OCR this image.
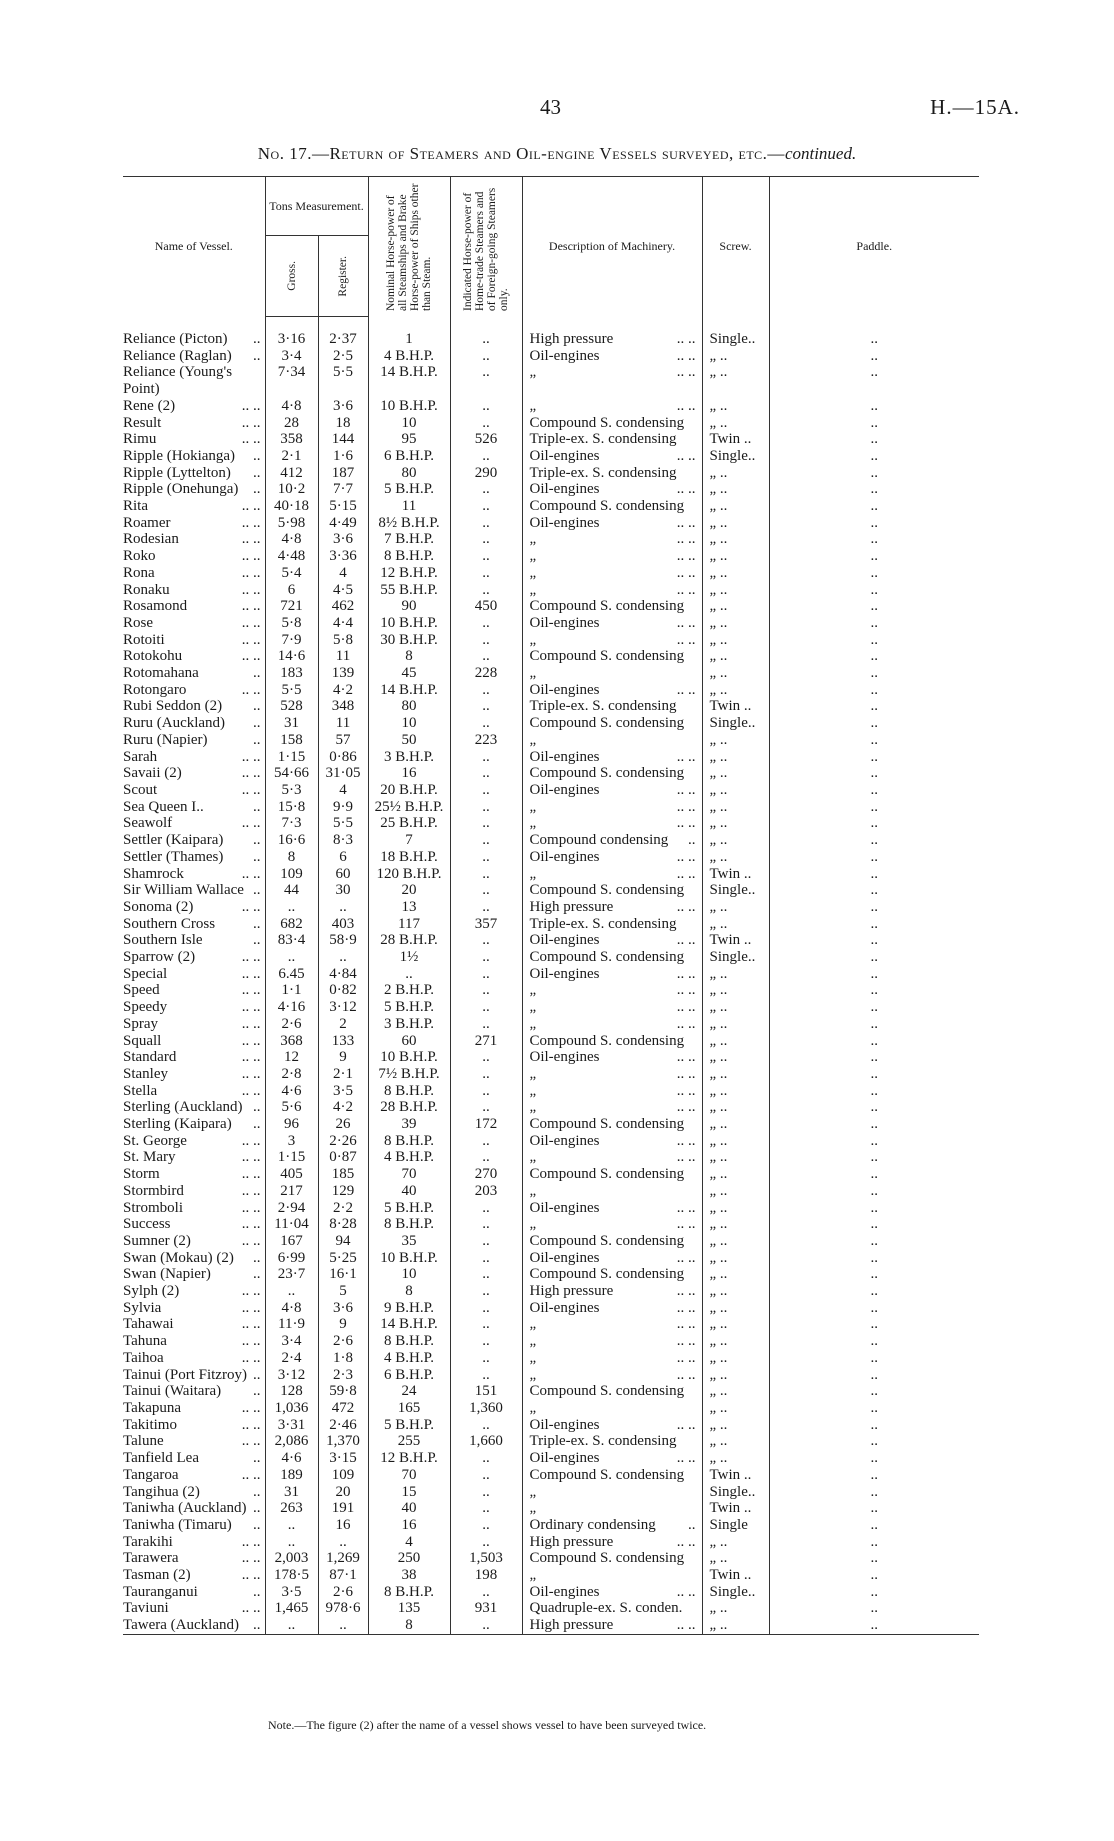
43	H.—15A.
No. 17.—Return of Steamers and Oil-engine Vessels surveyed, etc.—continued.
Name of Vessel.	Tons Measurement.		Nominal Horse-power of all Steamships and Brake Horse-power of Ships other than Steam.	Indicated Horse-power of Home-trade Steamers and of Foreign-going Steamers only.	Description of Machinery.	Screw.	Paddle.

	Gross.	Register.					

Reliance (Picton) ..	3·16	2·37	1	..	High pressure .. ..	Single..	..
Reliance (Raglan) ..	3·4	2·5	4 B.H.P.	..	Oil-engines .. ..	„ ..	..
Reliance (Young's	7·34	5·5	14 B.H.P.	..	„ .. ..	„ ..	..
Point)							
Rene (2) .. ..	4·8	3·6	10 B.H.P.	..	„ .. ..	„ ..	..
Result .. ..	28	18	10	..	Compound S. condensing	„ ..	..
Rimu .. ..	358	144	95	526	Triple-ex. S. condensing	Twin ..	..
Ripple (Hokianga) ..	2·1	1·6	6 B.H.P.	..	Oil-engines .. ..	Single..	..
Ripple (Lyttelton) ..	412	187	80	290	Triple-ex. S. condensing	„ ..	..
Ripple (Onehunga) ..	10·2	7·7	5 B.H.P.	..	Oil-engines .. ..	„ ..	..
Rita .. ..	40·18	5·15	11	..	Compound S. condensing	„ ..	..
Roamer .. ..	5·98	4·49	8½ B.H.P.	..	Oil-engines .. ..	„ ..	..
Rodesian .. ..	4·8	3·6	7 B.H.P.	..	„ .. ..	„ ..	..
Roko .. ..	4·48	3·36	8 B.H.P.	..	„ .. ..	„ ..	..
Rona .. ..	5·4	4	12 B.H.P.	..	„ .. ..	„ ..	..
Ronaku .. ..	6	4·5	55 B.H.P.	..	„ .. ..	„ ..	..
Rosamond .. ..	721	462	90	450	Compound S. condensing	„ ..	..
Rose .. ..	5·8	4·4	10 B.H.P.	..	Oil-engines .. ..	„ ..	..
Rotoiti .. ..	7·9	5·8	30 B.H.P.	..	„ .. ..	„ ..	..
Rotokohu .. ..	14·6	11	8	..	Compound S. condensing	„ ..	..
Rotomahana ..	183	139	45	228	„	„ ..	..
Rotongaro .. ..	5·5	4·2	14 B.H.P.	..	Oil-engines .. ..	„ ..	..
Rubi Seddon (2) ..	528	348	80	..	Triple-ex. S. condensing	Twin ..	..
Ruru (Auckland) ..	31	11	10	..	Compound S. condensing	Single..	..
Ruru (Napier) ..	158	57	50	223	„	„ ..	..
Sarah .. ..	1·15	0·86	3 B.H.P.	..	Oil-engines .. ..	„ ..	..
Savaii (2) .. ..	54·66	31·05	16	..	Compound S. condensing	„ ..	..
Scout .. ..	5·3	4	20 B.H.P.	..	Oil-engines .. ..	„ ..	..
Sea Queen I.. ..	15·8	9·9	25½ B.H.P.	..	„ .. ..	„ ..	..
Seawolf .. ..	7·3	5·5	25 B.H.P.	..	„ .. ..	„ ..	..
Settler (Kaipara) ..	16·6	8·3	7	..	Compound condensing ..	„ ..	..
Settler (Thames) ..	8	6	18 B.H.P.	..	Oil-engines .. ..	„ ..	..
Shamrock .. ..	109	60	120 B.H.P.	..	„ .. ..	Twin ..	..
Sir William Wallace ..	44	30	20	..	Compound S. condensing	Single..	..
Sonoma (2) .. ..	..	..	13	..	High pressure .. ..	„ ..	..
Southern Cross ..	682	403	117	357	Triple-ex. S. condensing	„ ..	..
Southern Isle ..	83·4	58·9	28 B.H.P.	..	Oil-engines .. ..	Twin ..	..
Sparrow (2) .. ..	..	..	1½	..	Compound S. condensing	Single..	..
Special .. ..	6.45	4·84	..	..	Oil-engines .. ..	„ ..	..
Speed .. ..	1·1	0·82	2 B.H.P.	..	„ .. ..	„ ..	..
Speedy .. ..	4·16	3·12	5 B.H.P.	..	„ .. ..	„ ..	..
Spray .. ..	2·6	2	3 B.H.P.	..	„ .. ..	„ ..	..
Squall .. ..	368	133	60	271	Compound S. condensing	„ ..	..
Standard .. ..	12	9	10 B.H.P.	..	Oil-engines .. ..	„ ..	..
Stanley .. ..	2·8	2·1	7½ B.H.P.	..	„ .. ..	„ ..	..
Stella .. ..	4·6	3·5	8 B.H.P.	..	„ .. ..	„ ..	..
Sterling (Auckland) ..	5·6	4·2	28 B.H.P.	..	„ .. ..	„ ..	..
Sterling (Kaipara) ..	96	26	39	172	Compound S. condensing	„ ..	..
St. George .. ..	3	2·26	8 B.H.P.	..	Oil-engines .. ..	„ ..	..
St. Mary .. ..	1·15	0·87	4 B.H.P.	..	„ .. ..	„ ..	..
Storm .. ..	405	185	70	270	Compound S. condensing	„ ..	..
Stormbird .. ..	217	129	40	203	„	„ ..	..
Stromboli .. ..	2·94	2·2	5 B.H.P.	..	Oil-engines .. ..	„ ..	..
Success .. ..	11·04	8·28	8 B.H.P.	..	„ .. ..	„ ..	..
Sumner (2) .. ..	167	94	35	..	Compound S. condensing	„ ..	..
Swan (Mokau) (2) ..	6·99	5·25	10 B.H.P.	..	Oil-engines .. ..	„ ..	..
Swan (Napier) ..	23·7	16·1	10	..	Compound S. condensing	„ ..	..
Sylph (2) .. ..	..	5	8	..	High pressure .. ..	„ ..	..
Sylvia .. ..	4·8	3·6	9 B.H.P.	..	Oil-engines .. ..	„ ..	..
Tahawai .. ..	11·9	9	14 B.H.P.	..	„ .. ..	„ ..	..
Tahuna .. ..	3·4	2·6	8 B.H.P.	..	„ .. ..	„ ..	..
Taihoa .. ..	2·4	1·8	4 B.H.P.	..	„ .. ..	„ ..	..
Tainui (Port Fitzroy) ..	3·12	2·3	6 B.H.P.	..	„ .. ..	„ ..	..
Tainui (Waitara) ..	128	59·8	24	151	Compound S. condensing	„ ..	..
Takapuna .. ..	1,036	472	165	1,360	„	„ ..	..
Takitimo .. ..	3·31	2·46	5 B.H.P.	..	Oil-engines .. ..	„ ..	..
Talune .. ..	2,086	1,370	255	1,660	Triple-ex. S. condensing	„ ..	..
Tanfield Lea ..	4·6	3·15	12 B.H.P.	..	Oil-engines .. ..	„ ..	..
Tangaroa .. ..	189	109	70	..	Compound S. condensing	Twin ..	..
Tangihua (2) ..	31	20	15	..	„	Single..	..
Taniwha (Auckland) ..	263	191	40	..	„	Twin ..	..
Taniwha (Timaru) ..	..	16	16	..	Ordinary condensing ..	Single	..
Tarakihi .. ..	..	..	4	..	High pressure .. ..	„ ..	..
Tarawera .. ..	2,003	1,269	250	1,503	Compound S. condensing	„ ..	..
Tasman (2) .. ..	178·5	87·1	38	198	„	Twin ..	..
Tauranganui ..	3·5	2·6	8 B.H.P.	..	Oil-engines .. ..	Single..	..
Taviuni .. ..	1,465	978·6	135	931	Quadruple-ex. S. conden.	„ ..	..
Tawera (Auckland) ..	..	..	8	..	High pressure .. ..	„ ..	..
Note.—The figure (2) after the name of a vessel shows vessel to have been surveyed twice.
